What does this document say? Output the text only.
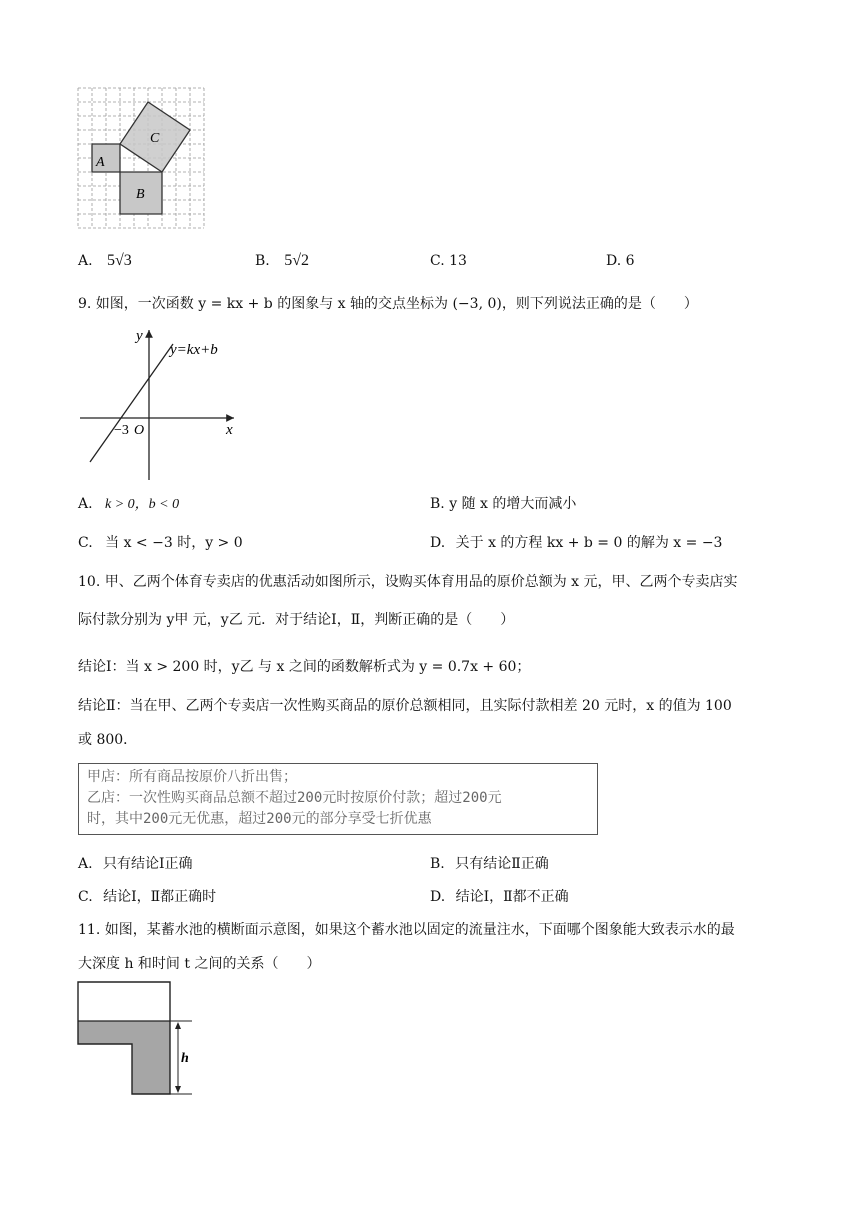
A
B
C
A. 5√3	B. 5√2	C. 13	D. 6
9. 如图，一次函数 y = kx + b 的图象与 x 轴的交点坐标为 (−3, 0)，则下列说法正确的是（　　）
y
x
O
−3
y=kx+b
A. k > 0，b < 0	B. y 随 x 的增大而减小
C. 当 x < −3 时，y > 0	D. 关于 x 的方程 kx + b = 0 的解为 x = −3
10. 甲、乙两个体育专卖店的优惠活动如图所示，设购买体育用品的原价总额为 x 元，甲、乙两个专卖店实
际付款分别为 y甲 元，y乙 元．对于结论Ⅰ，Ⅱ，判断正确的是（　　）
结论Ⅰ：当 x > 200 时，y乙 与 x 之间的函数解析式为 y = 0.7x + 60；
结论Ⅱ：当在甲、乙两个专卖店一次性购买商品的原价总额相同，且实际付款相差 20 元时，x 的值为 100
或 800．
甲店：所有商品按原价八折出售；
乙店：一次性购买商品总额不超过200元时按原价付款；超过200元
时，其中200元无优惠，超过200元的部分享受七折优惠
A. 只有结论Ⅰ正确	B. 只有结论Ⅱ正确
C. 结论Ⅰ，Ⅱ都正确时	D. 结论Ⅰ，Ⅱ都不正确
11. 如图，某蓄水池的横断面示意图，如果这个蓄水池以固定的流量注水，下面哪个图象能大致表示水的最
大深度 h 和时间 t 之间的关系（　　）
h
